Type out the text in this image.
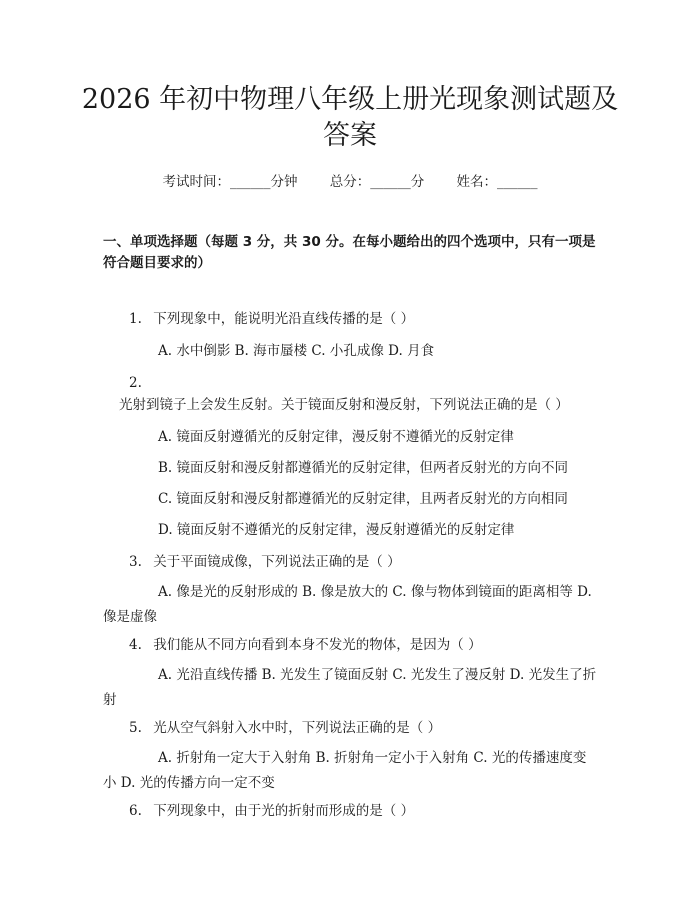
2026 年初中物理八年级上册光现象测试题及答案
考试时间：______分钟 总分：______分 姓名：______
一、单项选择题（每题 3 分，共 30 分。在每小题给出的四个选项中，只有一项是符合题目要求的）
1. 下列现象中，能说明光沿直线传播的是（ ）
A. 水中倒影 B. 海市蜃楼 C. 小孔成像 D. 月食
2. 光射到镜子上会发生反射。关于镜面反射和漫反射，下列说法正确的是（ ）
A. 镜面反射遵循光的反射定律，漫反射不遵循光的反射定律
B. 镜面反射和漫反射都遵循光的反射定律，但两者反射光的方向不同
C. 镜面反射和漫反射都遵循光的反射定律，且两者反射光的方向相同
D. 镜面反射不遵循光的反射定律，漫反射遵循光的反射定律
3. 关于平面镜成像，下列说法正确的是（ ）
A. 像是光的反射形成的 B. 像是放大的 C. 像与物体到镜面的距离相等 D. 像是虚像
4. 我们能从不同方向看到本身不发光的物体，是因为（ ）
A. 光沿直线传播 B. 光发生了镜面反射 C. 光发生了漫反射 D. 光发生了折射
5. 光从空气斜射入水中时，下列说法正确的是（ ）
A. 折射角一定大于入射角 B. 折射角一定小于入射角 C. 光的传播速度变小 D. 光的传播方向一定不变
6. 下列现象中，由于光的折射而形成的是（ ）
